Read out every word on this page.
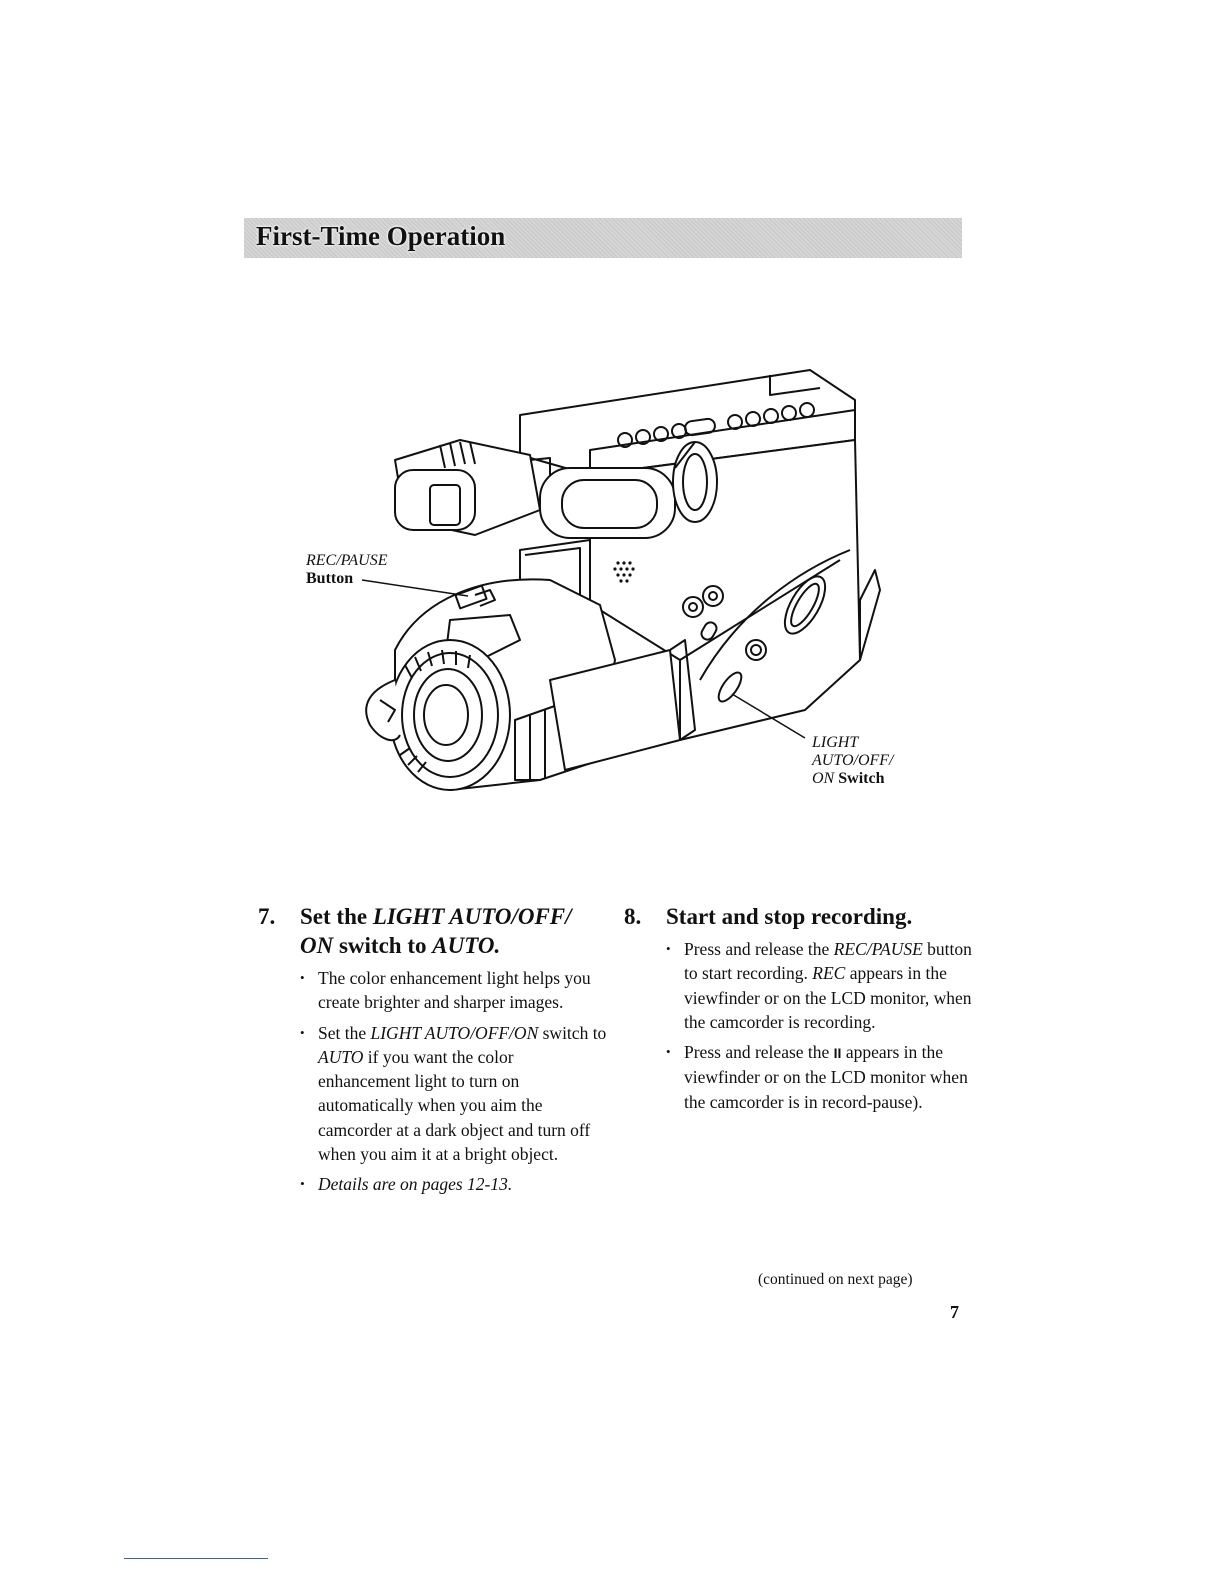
First-Time Operation
REC/PAUSE
Button
LIGHT
AUTO/OFF/
ON Switch
7.	Set the LIGHT AUTO/OFF/
ON switch to AUTO.
• The color enhancement light helps you create brighter and sharper images.
• Set the LIGHT AUTO/OFF/ON switch to AUTO if you want the color enhancement light to turn on automatically when you aim the camcorder at a dark object and turn off when you aim it at a bright object.
• Details are on pages 12-13.
8.	Start and stop recording.
• Press and release the REC/PAUSE button to start recording. REC appears in the viewfinder or on the LCD monitor, when the camcorder is recording.
• Press and release the II appears in the viewfinder or on the LCD monitor when the camcorder is in record-pause).
(continued on next page)
7
